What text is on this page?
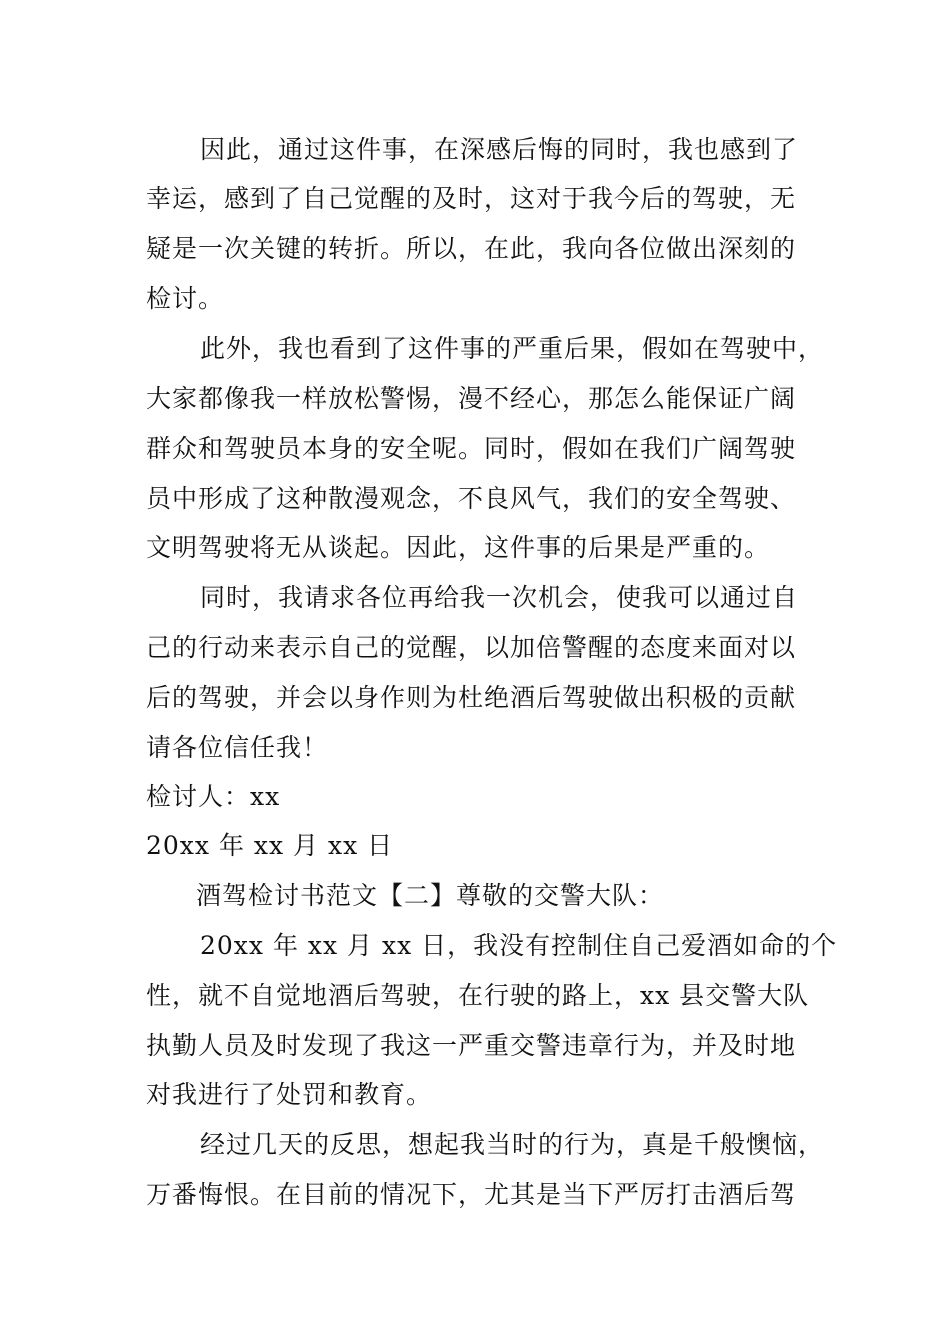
因此，通过这件事，在深感后悔的同时，我也感到了
幸运，感到了自己觉醒的及时，这对于我今后的驾驶，无
疑是一次关键的转折。所以，在此，我向各位做出深刻的
检讨。
此外，我也看到了这件事的严重后果，假如在驾驶中，
大家都像我一样放松警惕，漫不经心，那怎么能保证广阔
群众和驾驶员本身的安全呢。同时，假如在我们广阔驾驶
员中形成了这种散漫观念，不良风气，我们的安全驾驶、
文明驾驶将无从谈起。因此，这件事的后果是严重的。
同时，我请求各位再给我一次机会，使我可以通过自
己的行动来表示自己的觉醒，以加倍警醒的态度来面对以
后的驾驶，并会以身作则为杜绝酒后驾驶做出积极的贡献
请各位信任我！
检讨人：xx
20xx 年 xx 月 xx 日
酒驾检讨书范文【二】尊敬的交警大队：
20xx 年 xx 月 xx 日，我没有控制住自己爱酒如命的个
性，就不自觉地酒后驾驶，在行驶的路上，xx 县交警大队
执勤人员及时发现了我这一严重交警违章行为，并及时地
对我进行了处罚和教育。
经过几天的反思，想起我当时的行为，真是千般懊恼，
万番悔恨。在目前的情况下，尤其是当下严厉打击酒后驾
